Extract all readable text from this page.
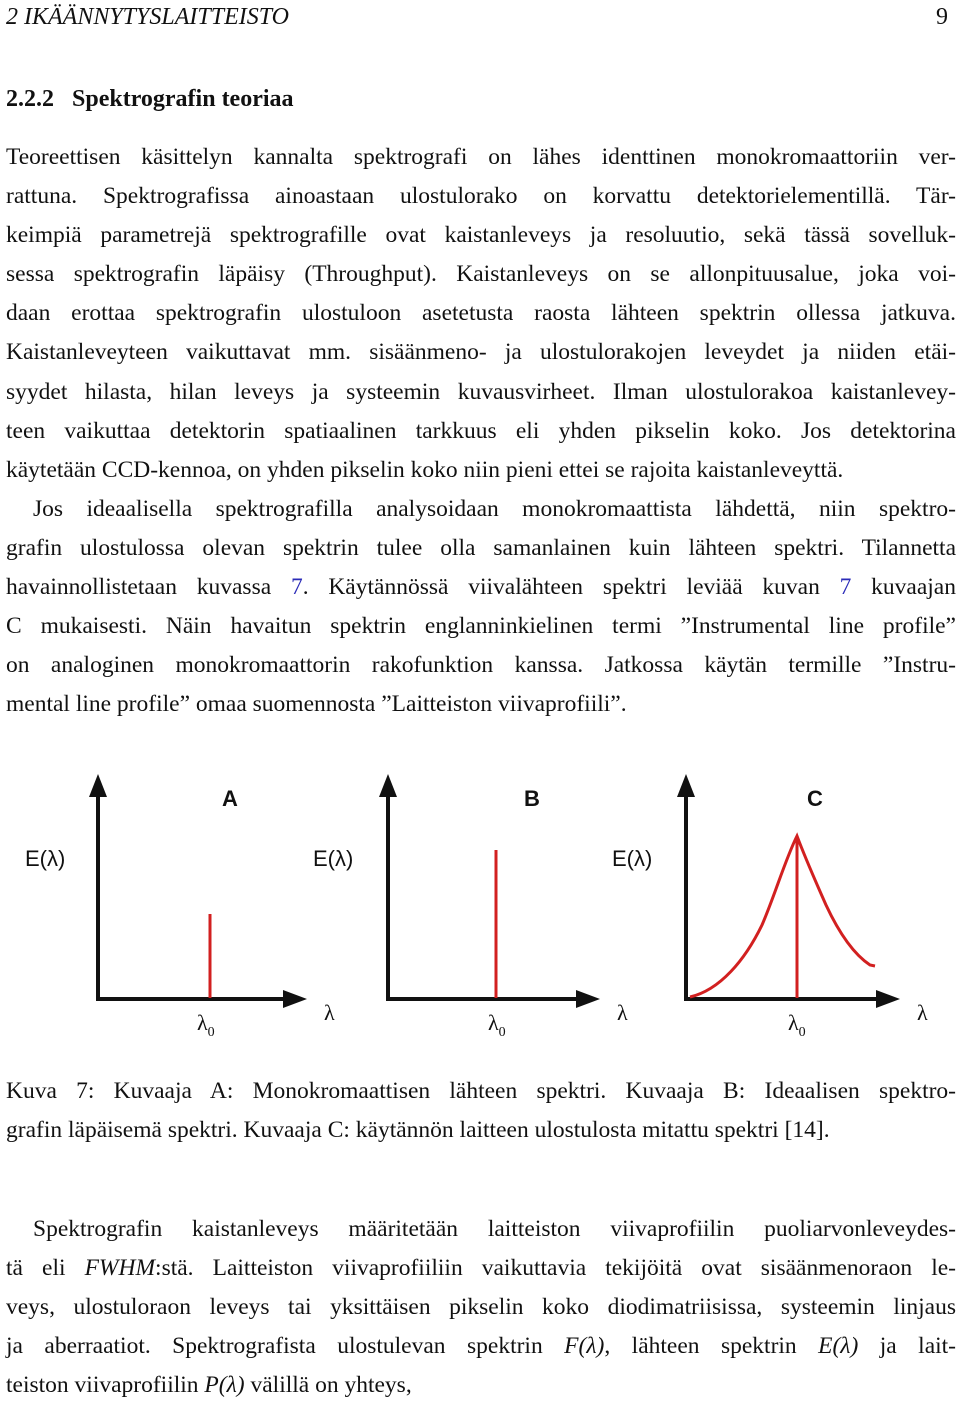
2 IKÄÄNNYTYSLAITTEISTO	9
2.2.2 Spektrografin teoriaa
Teoreettisen käsittelyn kannalta spektrografi on lähes identtinen monokromaattoriin ver-
rattuna. Spektrografissa ainoastaan ulostulorako on korvattu detektorielementillä. Tär-
keimpiä parametrejä spektrografille ovat kaistanleveys ja resoluutio, sekä tässä sovelluk-
sessa spektrografin läpäisy (Throughput). Kaistanleveys on se allonpituusalue, joka voi-
daan erottaa spektrografin ulostuloon asetetusta raosta lähteen spektrin ollessa jatkuva.
Kaistanleveyteen vaikuttavat mm. sisäänmeno- ja ulostulorakojen leveydet ja niiden etäi-
syydet hilasta, hilan leveys ja systeemin kuvausvirheet. Ilman ulostulorakoa kaistanlevey-
teen vaikuttaa detektorin spatiaalinen tarkkuus eli yhden pikselin koko. Jos detektorina
käytetään CCD-kennoa, on yhden pikselin koko niin pieni ettei se rajoita kaistanleveyttä.
Jos ideaalisella spektrografilla analysoidaan monokromaattista lähdettä, niin spektro-
grafin ulostulossa olevan spektrin tulee olla samanlainen kuin lähteen spektri. Tilannetta
havainnollistetaan kuvassa 7. Käytännössä viivalähteen spektri leviää kuvan 7 kuvaajan
C mukaisesti. Näin havaitun spektrin englanninkielinen termi ”Instrumental line profile”
on analoginen monokromaattorin rakofunktion kanssa. Jatkossa käytän termille ”Instru-
mental line profile” omaa suomennosta ”Laitteiston viivaprofiili”.
A
E(λ)
$\lambda_0$
λ
B
E(λ)
$\lambda_0$
λ
C
E(λ)
$\lambda_0$
λ
Kuva 7: Kuvaaja A: Monokromaattisen lähteen spektri. Kuvaaja B: Ideaalisen spektro-
grafin läpäisemä spektri. Kuvaaja C: käytännön laitteen ulostulosta mitattu spektri [14].
Spektrografin kaistanleveys määritetään laitteiston viivaprofiilin puoliarvonleveydes-
tä eli FWHM:stä. Laitteiston viivaprofiiliin vaikuttavia tekijöitä ovat sisäänmenoraon le-
veys, ulostuloraon leveys tai yksittäisen pikselin koko diodimatriisissa, systeemin linjaus
ja aberraatiot. Spektrografista ulostulevan spektrin F(λ), lähteen spektrin E(λ) ja lait-
teiston viivaprofiilin P(λ) välillä on yhteys,
